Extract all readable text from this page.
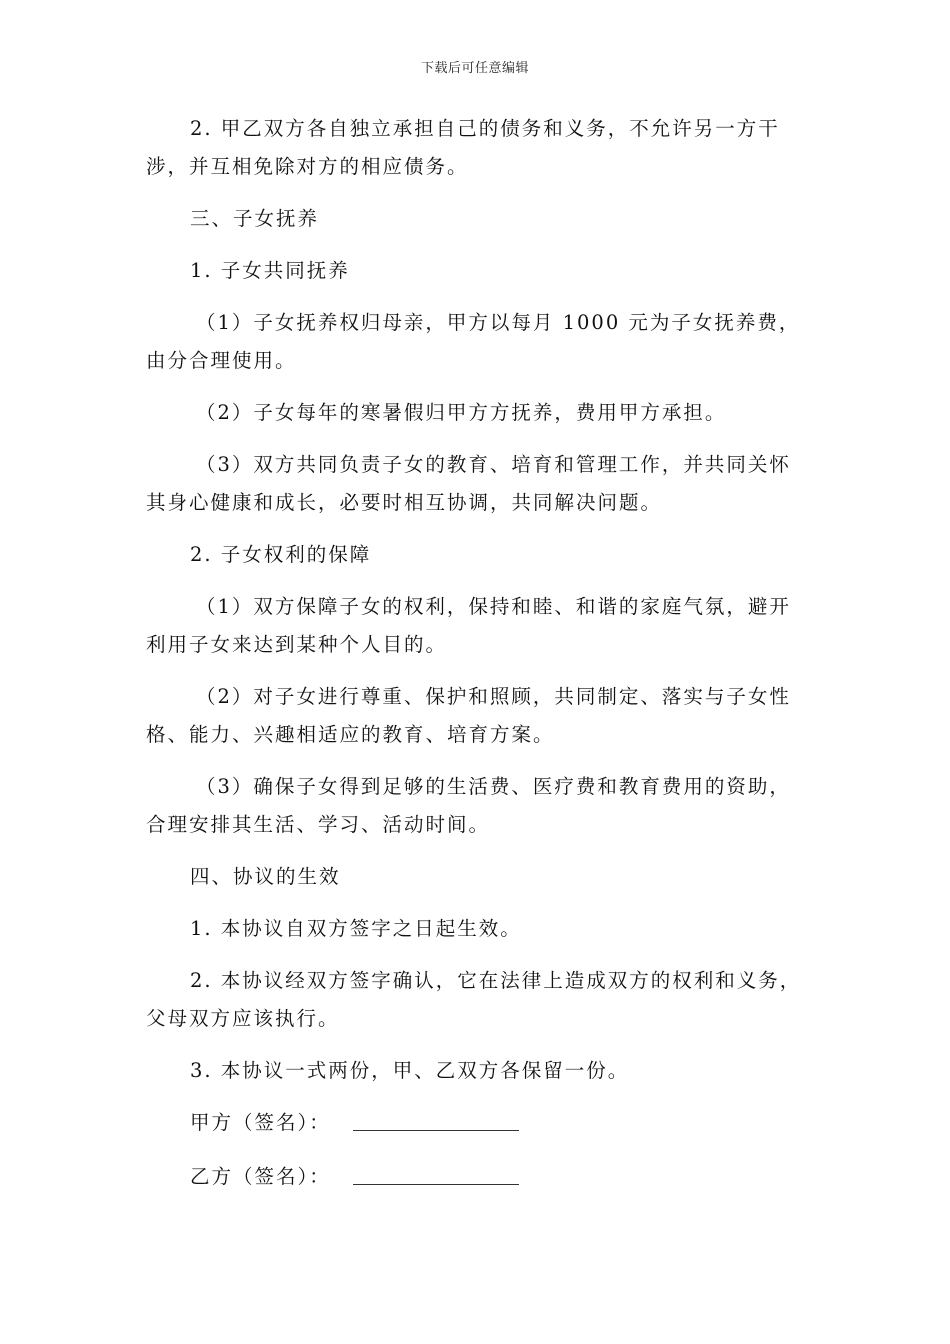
下载后可任意编辑
2. 甲乙双方各自独立承担自己的债务和义务，不允许另一方干
涉，并互相免除对方的相应债务。
三、子女抚养
1. 子女共同抚养
（1）子女抚养权归母亲，甲方以每月 1000 元为子女抚养费，
由分合理使用。
（2）子女每年的寒暑假归甲方方抚养，费用甲方承担。
（3）双方共同负责子女的教育、培育和管理工作，并共同关怀
其身心健康和成长，必要时相互协调，共同解决问题。
2. 子女权利的保障
（1）双方保障子女的权利，保持和睦、和谐的家庭气氛，避开
利用子女来达到某种个人目的。
（2）对子女进行尊重、保护和照顾，共同制定、落实与子女性
格、能力、兴趣相适应的教育、培育方案。
（3）确保子女得到足够的生活费、医疗费和教育费用的资助，
合理安排其生活、学习、活动时间。
四、协议的生效
1. 本协议自双方签字之日起生效。
2. 本协议经双方签字确认，它在法律上造成双方的权利和义务，
父母双方应该执行。
3. 本协议一式两份，甲、乙双方各保留一份。
甲方（签名）：
乙方（签名）：
